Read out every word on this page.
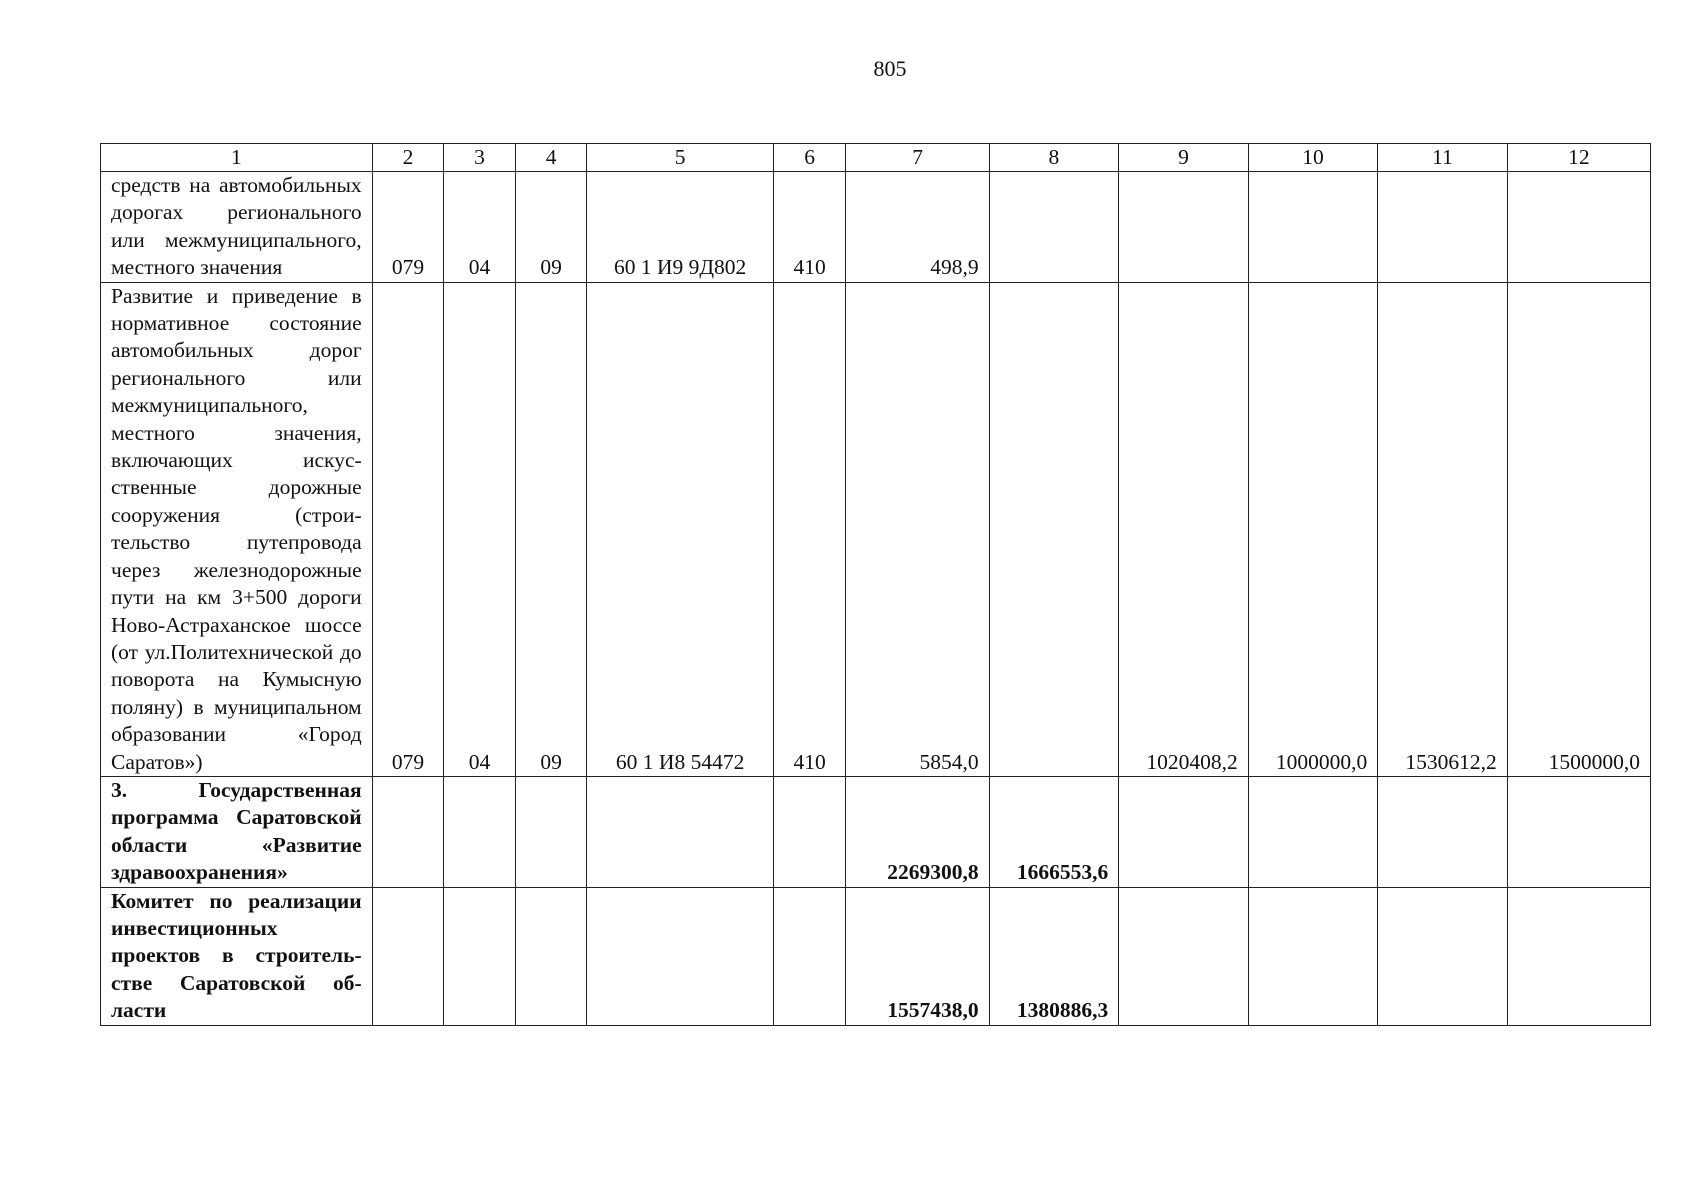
805
1	2	3	4	5	6	7	8	9	10	11	12
средств на автомобильных дорогах регионального или межмуниципального, местного значения	079	04	09	60 1 И9 9Д802	410	498,9					
Развитие и приведение в нормативное состояние автомобильных дорог регионального или межмуниципального, местного значения, включающих искусственные дорожные сооружения (строительство путепровода через железнодорожные пути на км 3+500 дороги Ново-Астраханское шоссе (от ул.Политехнической до поворота на Кумысную поляну) в муниципальном образовании «Город Саратов»)	079	04	09	60 1 И8 54472	410	5854,0		1020408,2	1000000,0	1530612,2	1500000,0
3. Государственная программа Саратовской области «Развитие здравоохранения»						2269300,8	1666553,6				
Комитет по реализации инвестиционных проектов в строительстве Саратовской области						1557438,0	1380886,3				
